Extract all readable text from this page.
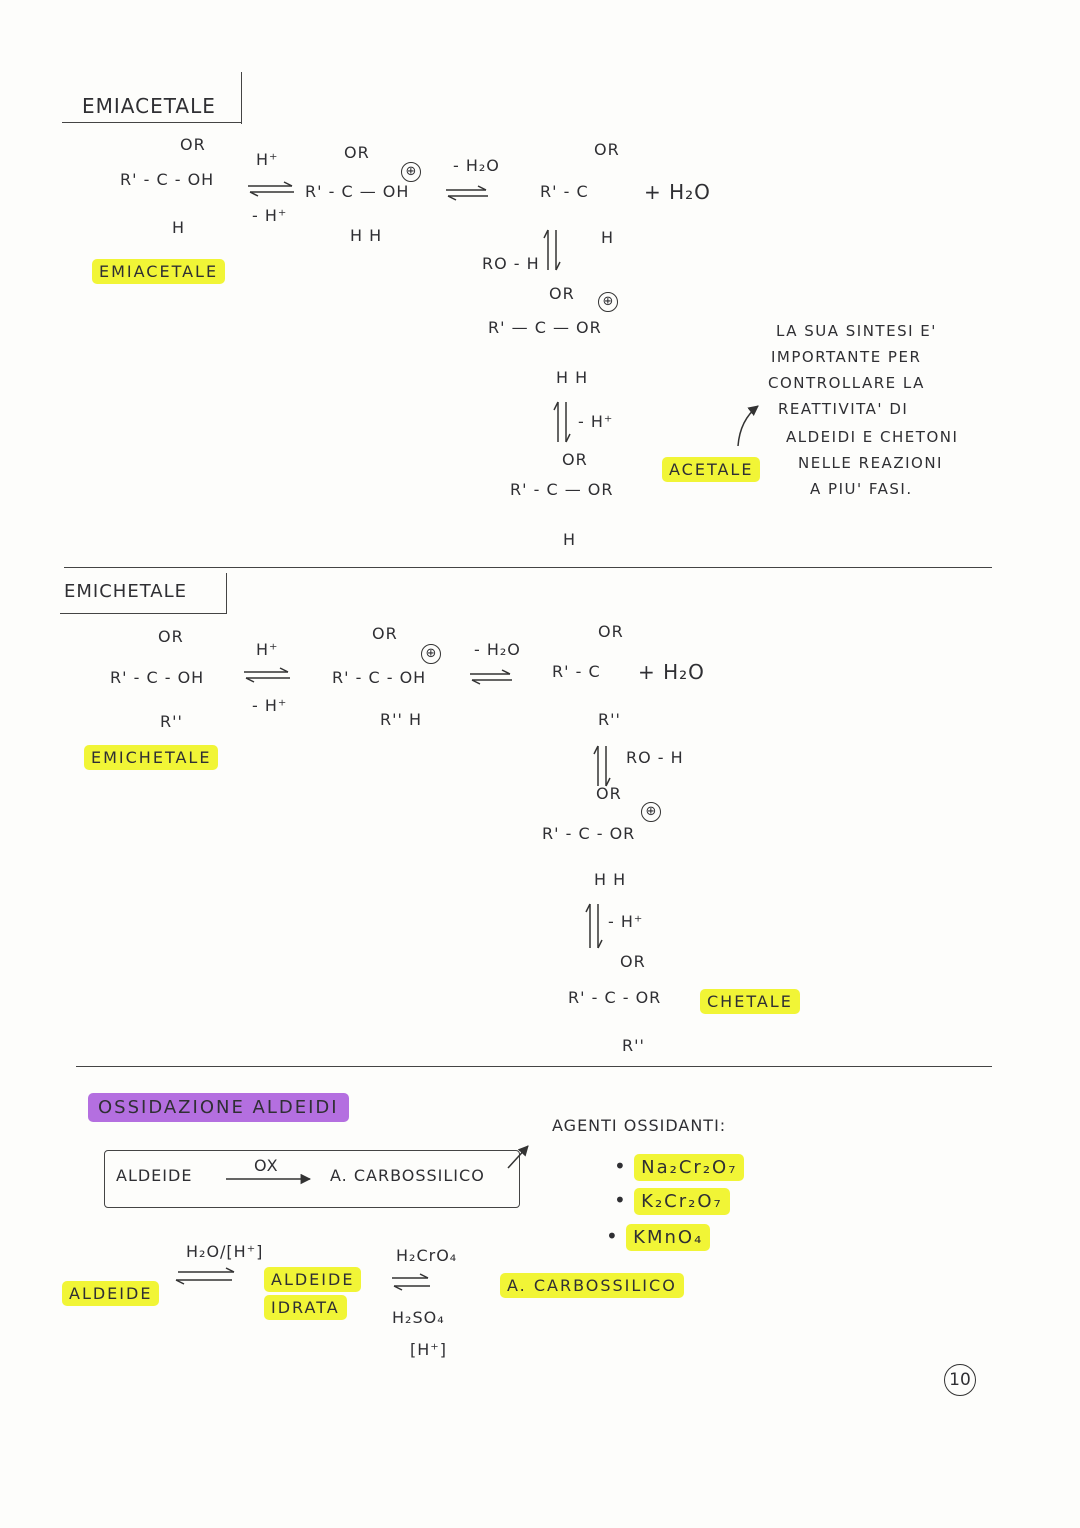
EMIACETALE
OR
R' - C - OH
H
H⁺
- H⁺
OR
⊕
R' - C — OH
H H
- H₂O
OR
R' - C	+ H₂O
H
EMIACETALE	RO - H
OR	⊕
R' — C — OR
H H
- H⁺
OR
R' - C — OR
H
ACETALE
LA SUA SINTESI E'
IMPORTANTE PER
CONTROLLARE LA
REATTIVITA' DI
ALDEIDI E CHETONI
NELLE REAZIONI
A PIU' FASI.
EMICHETALE
OR
R' - C - OH
R''
H⁺
- H⁺
OR
⊕
R' - C - OH
R'' H
- H₂O
OR
R' - C + H₂O
R''
EMICHETALE	RO - H
OR
⊕
R' - C - OR
H H
- H⁺
OR
R' - C - OR
R''
CHETALE
OSSIDAZIONE ALDEIDI
ALDEIDE
OX
A. CARBOSSILICO
AGENTI OSSIDANTI:
• Na₂Cr₂O₇
• K₂Cr₂O₇
• KMnO₄
H₂O/[H⁺]
ALDEIDE
ALDEIDE
IDRATA
H₂CrO₄
H₂SO₄
[H⁺]
A. CARBOSSILICO
10
